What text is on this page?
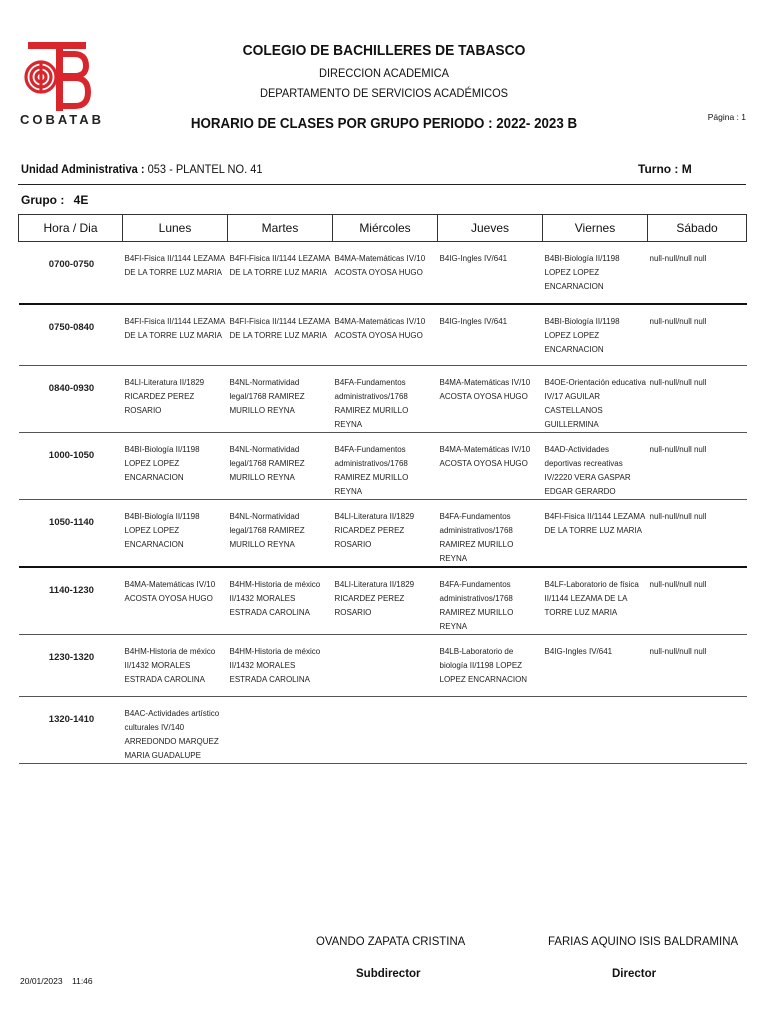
COBATAB
COLEGIO DE BACHILLERES DE TABASCO
DIRECCION ACADEMICA
DEPARTAMENTO DE SERVICIOS ACADÉMICOS
HORARIO DE CLASES POR GRUPO PERIODO : 2022- 2023 B	Página : 1
Unidad Administrativa : 053 - PLANTEL NO. 41	Turno : M
Grupo : 4E
Hora / Dia	Lunes	Martes	Miércoles	Jueves	Viernes	Sábado
0700-0750	B4FI-Fisica II/1144 LEZAMA DE LA TORRE LUZ MARIA	B4FI-Fisica II/1144 LEZAMA DE LA TORRE LUZ MARIA	B4MA-Matemáticas IV/10 ACOSTA OYOSA HUGO	B4IG-Ingles IV/641	B4BI-Biología II/1198 LOPEZ LOPEZ ENCARNACION	null-null/null null
0750-0840	B4FI-Fisica II/1144 LEZAMA DE LA TORRE LUZ MARIA	B4FI-Fisica II/1144 LEZAMA DE LA TORRE LUZ MARIA	B4MA-Matemáticas IV/10 ACOSTA OYOSA HUGO	B4IG-Ingles IV/641	B4BI-Biología II/1198 LOPEZ LOPEZ ENCARNACION	null-null/null null
0840-0930	B4LI-Literatura II/1829 RICARDEZ PEREZ ROSARIO	B4NL-Normatividad legal/1768 RAMIREZ MURILLO REYNA	B4FA-Fundamentos administrativos/1768 RAMIREZ MURILLO REYNA	B4MA-Matemáticas IV/10 ACOSTA OYOSA HUGO	B4OE-Orientación educativa IV/17 AGUILAR CASTELLANOS GUILLERMINA	null-null/null null
1000-1050	B4BI-Biología II/1198 LOPEZ LOPEZ ENCARNACION	B4NL-Normatividad legal/1768 RAMIREZ MURILLO REYNA	B4FA-Fundamentos administrativos/1768 RAMIREZ MURILLO REYNA	B4MA-Matemáticas IV/10 ACOSTA OYOSA HUGO	B4AD-Actividades deportivas recreativas IV/2220 VERA GASPAR EDGAR GERARDO	null-null/null null
1050-1140	B4BI-Biología II/1198 LOPEZ LOPEZ ENCARNACION	B4NL-Normatividad legal/1768 RAMIREZ MURILLO REYNA	B4LI-Literatura II/1829 RICARDEZ PEREZ ROSARIO	B4FA-Fundamentos administrativos/1768 RAMIREZ MURILLO REYNA	B4FI-Fisica II/1144 LEZAMA DE LA TORRE LUZ MARIA	null-null/null null
1140-1230	B4MA-Matemáticas IV/10 ACOSTA OYOSA HUGO	B4HM-Historia de méxico II/1432 MORALES ESTRADA CAROLINA	B4LI-Literatura II/1829 RICARDEZ PEREZ ROSARIO	B4FA-Fundamentos administrativos/1768 RAMIREZ MURILLO REYNA	B4LF-Laboratorio de física II/1144 LEZAMA DE LA TORRE LUZ MARIA	null-null/null null
1230-1320	B4HM-Historia de méxico II/1432 MORALES ESTRADA CAROLINA	B4HM-Historia de méxico II/1432 MORALES ESTRADA CAROLINA		B4LB-Laboratorio de biología II/1198 LOPEZ LOPEZ ENCARNACION	B4IG-Ingles IV/641	null-null/null null
1320-1410	B4AC-Actividades artístico culturales IV/140 ARREDONDO MARQUEZ MARIA GUADALUPE					
OVANDO ZAPATA CRISTINA	FARIAS AQUINO ISIS BALDRAMINA
Subdirector	Director
20/01/2023 11:46
